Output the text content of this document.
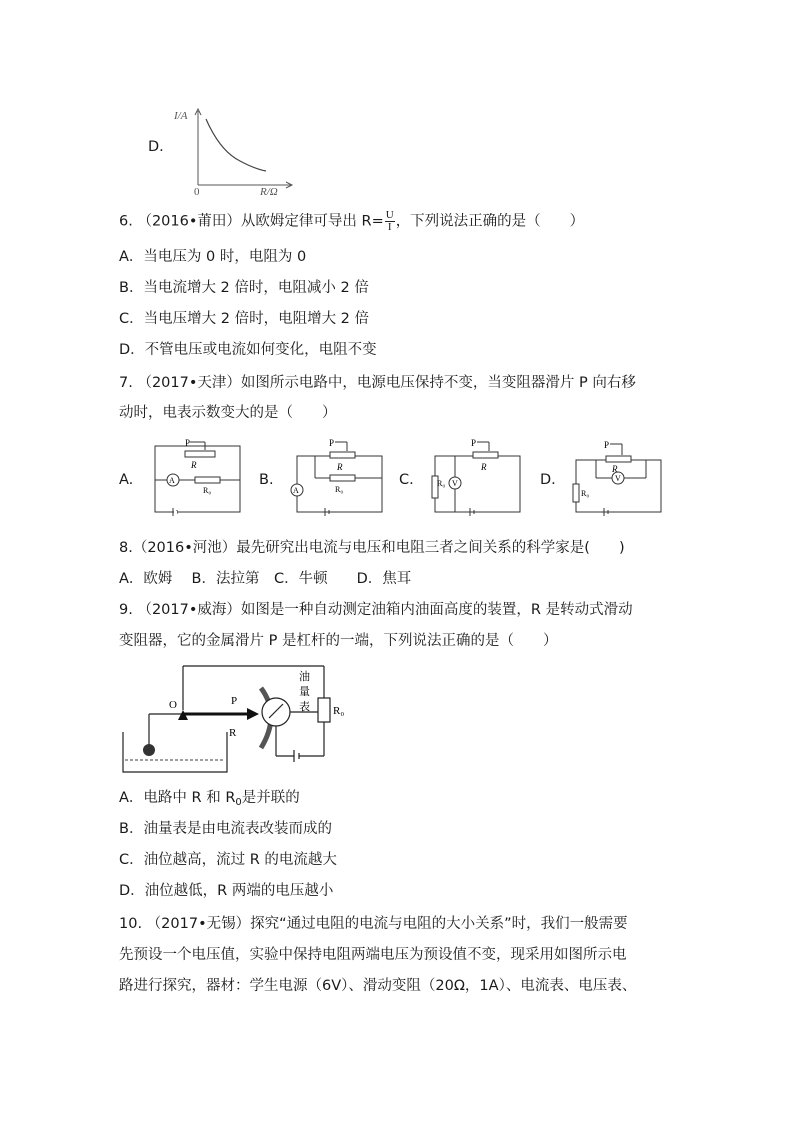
D.
I/A
0	R/Ω
6. （2016•莆田）从欧姆定律可导出 $R= \frac{U}{I}$ ，下列说法正确的是（　　）
A．当电压为 0 时，电阻为 0
B．当电流增大 2 倍时，电阻减小 2 倍
C．当电压增大 2 倍时，电阻增大 2 倍
D．不管电压或电流如何变化，电阻不变
7. （2017•天津）如图所示电路中，电源电压保持不变，当变阻器滑片 P 向右移
动时，电表示数变大的是（　　）
A.
P
R
A
R₀
B.
P
R
A	R₀
C.
P
R
R₀ V	D.
P
R
R₀
V
8.（2016•河池）最先研究出电流与电压和电阻三者之间关系的科学家是(　　)
A．欧姆　 B．法拉第　C．牛顿　　D．焦耳
9. （2017•威海）如图是一种自动测定油箱内油面高度的装置，R 是转动式滑动
变阻器，它的金属滑片 P 是杠杆的一端，下列说法正确的是（　　）
O	P
R
油
量
表 R₀
A．电路中 R 和 $R_0$是并联的
B．油量表是由电流表改装而成的
C．油位越高，流过 R 的电流越大
D．油位越低，R 两端的电压越小
10. （2017•无锡）探究“通过电阻的电流与电阻的大小关系”时，我们一般需要
先预设一个电压值，实验中保持电阻两端电压为预设值不变，现采用如图所示电
路进行探究，器材：学生电源（6V）、滑动变阻（20Ω，1A）、电流表、电压表、
